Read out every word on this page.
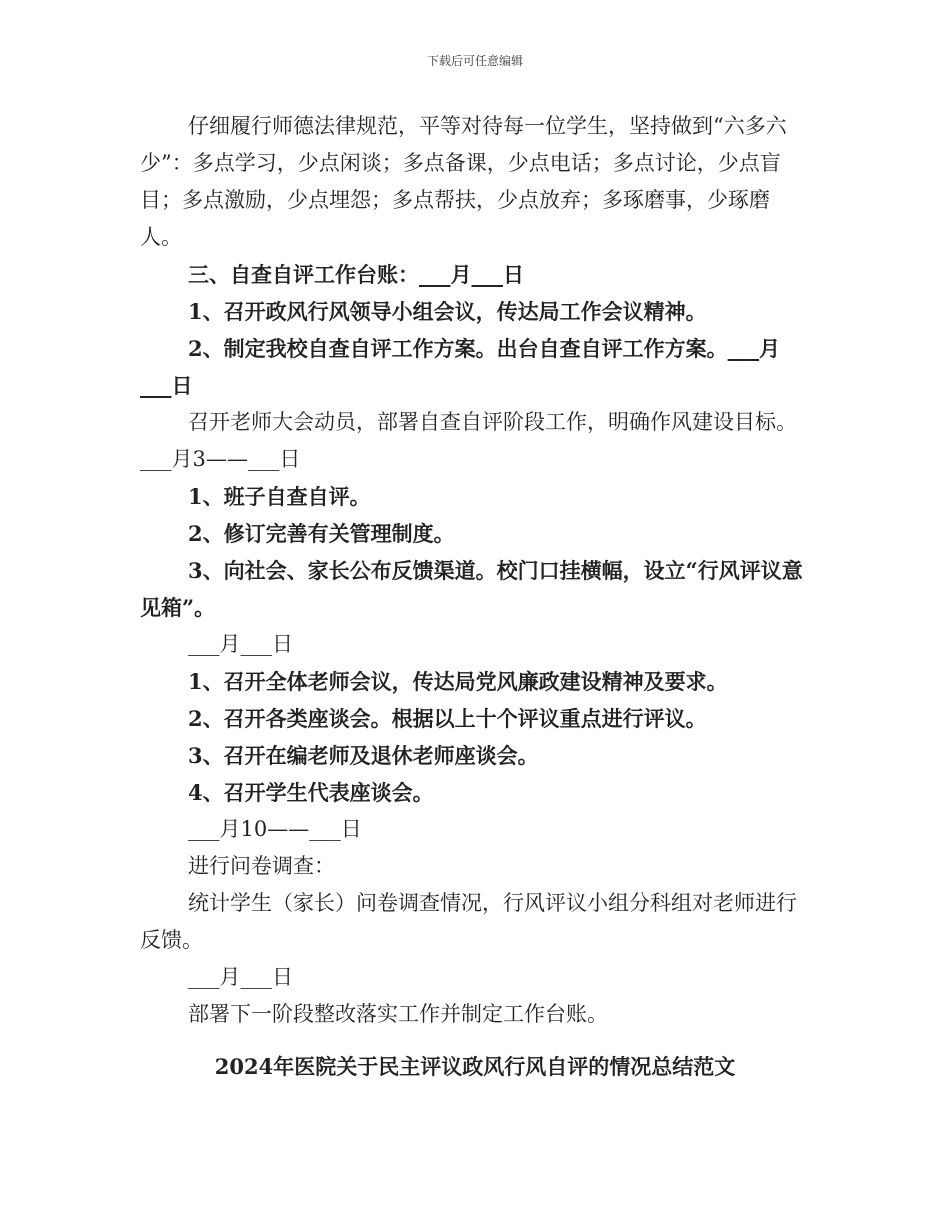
下载后可任意编辑

仔细履行师德法律规范，平等对待每一位学生，坚持做到“六多六少”：多点学习，少点闲谈；多点备课，少点电话；多点讨论，少点盲目；多点激励，少点埋怨；多点帮扶，少点放弃；多琢磨事，少琢磨人。

三、自查自评工作台账：___月___日

1、召开政风行风领导小组会议，传达局工作会议精神。

2、制定我校自查自评工作方案。出台自查自评工作方案。___月___日

召开老师大会动员，部署自查自评阶段工作，明确作风建设目标。___月3——___日

1、班子自查自评。

2、修订完善有关管理制度。

3、向社会、家长公布反馈渠道。校门口挂横幅，设立“行风评议意见箱”。

___月___日

1、召开全体老师会议，传达局党风廉政建设精神及要求。

2、召开各类座谈会。根据以上十个评议重点进行评议。

3、召开在编老师及退休老师座谈会。

4、召开学生代表座谈会。

___月10——___日

进行问卷调查：

统计学生（家长）问卷调查情况，行风评议小组分科组对老师进行反馈。

___月___日

部署下一阶段整改落实工作并制定工作台账。

2024年医院关于民主评议政风行风自评的情况总结范文
